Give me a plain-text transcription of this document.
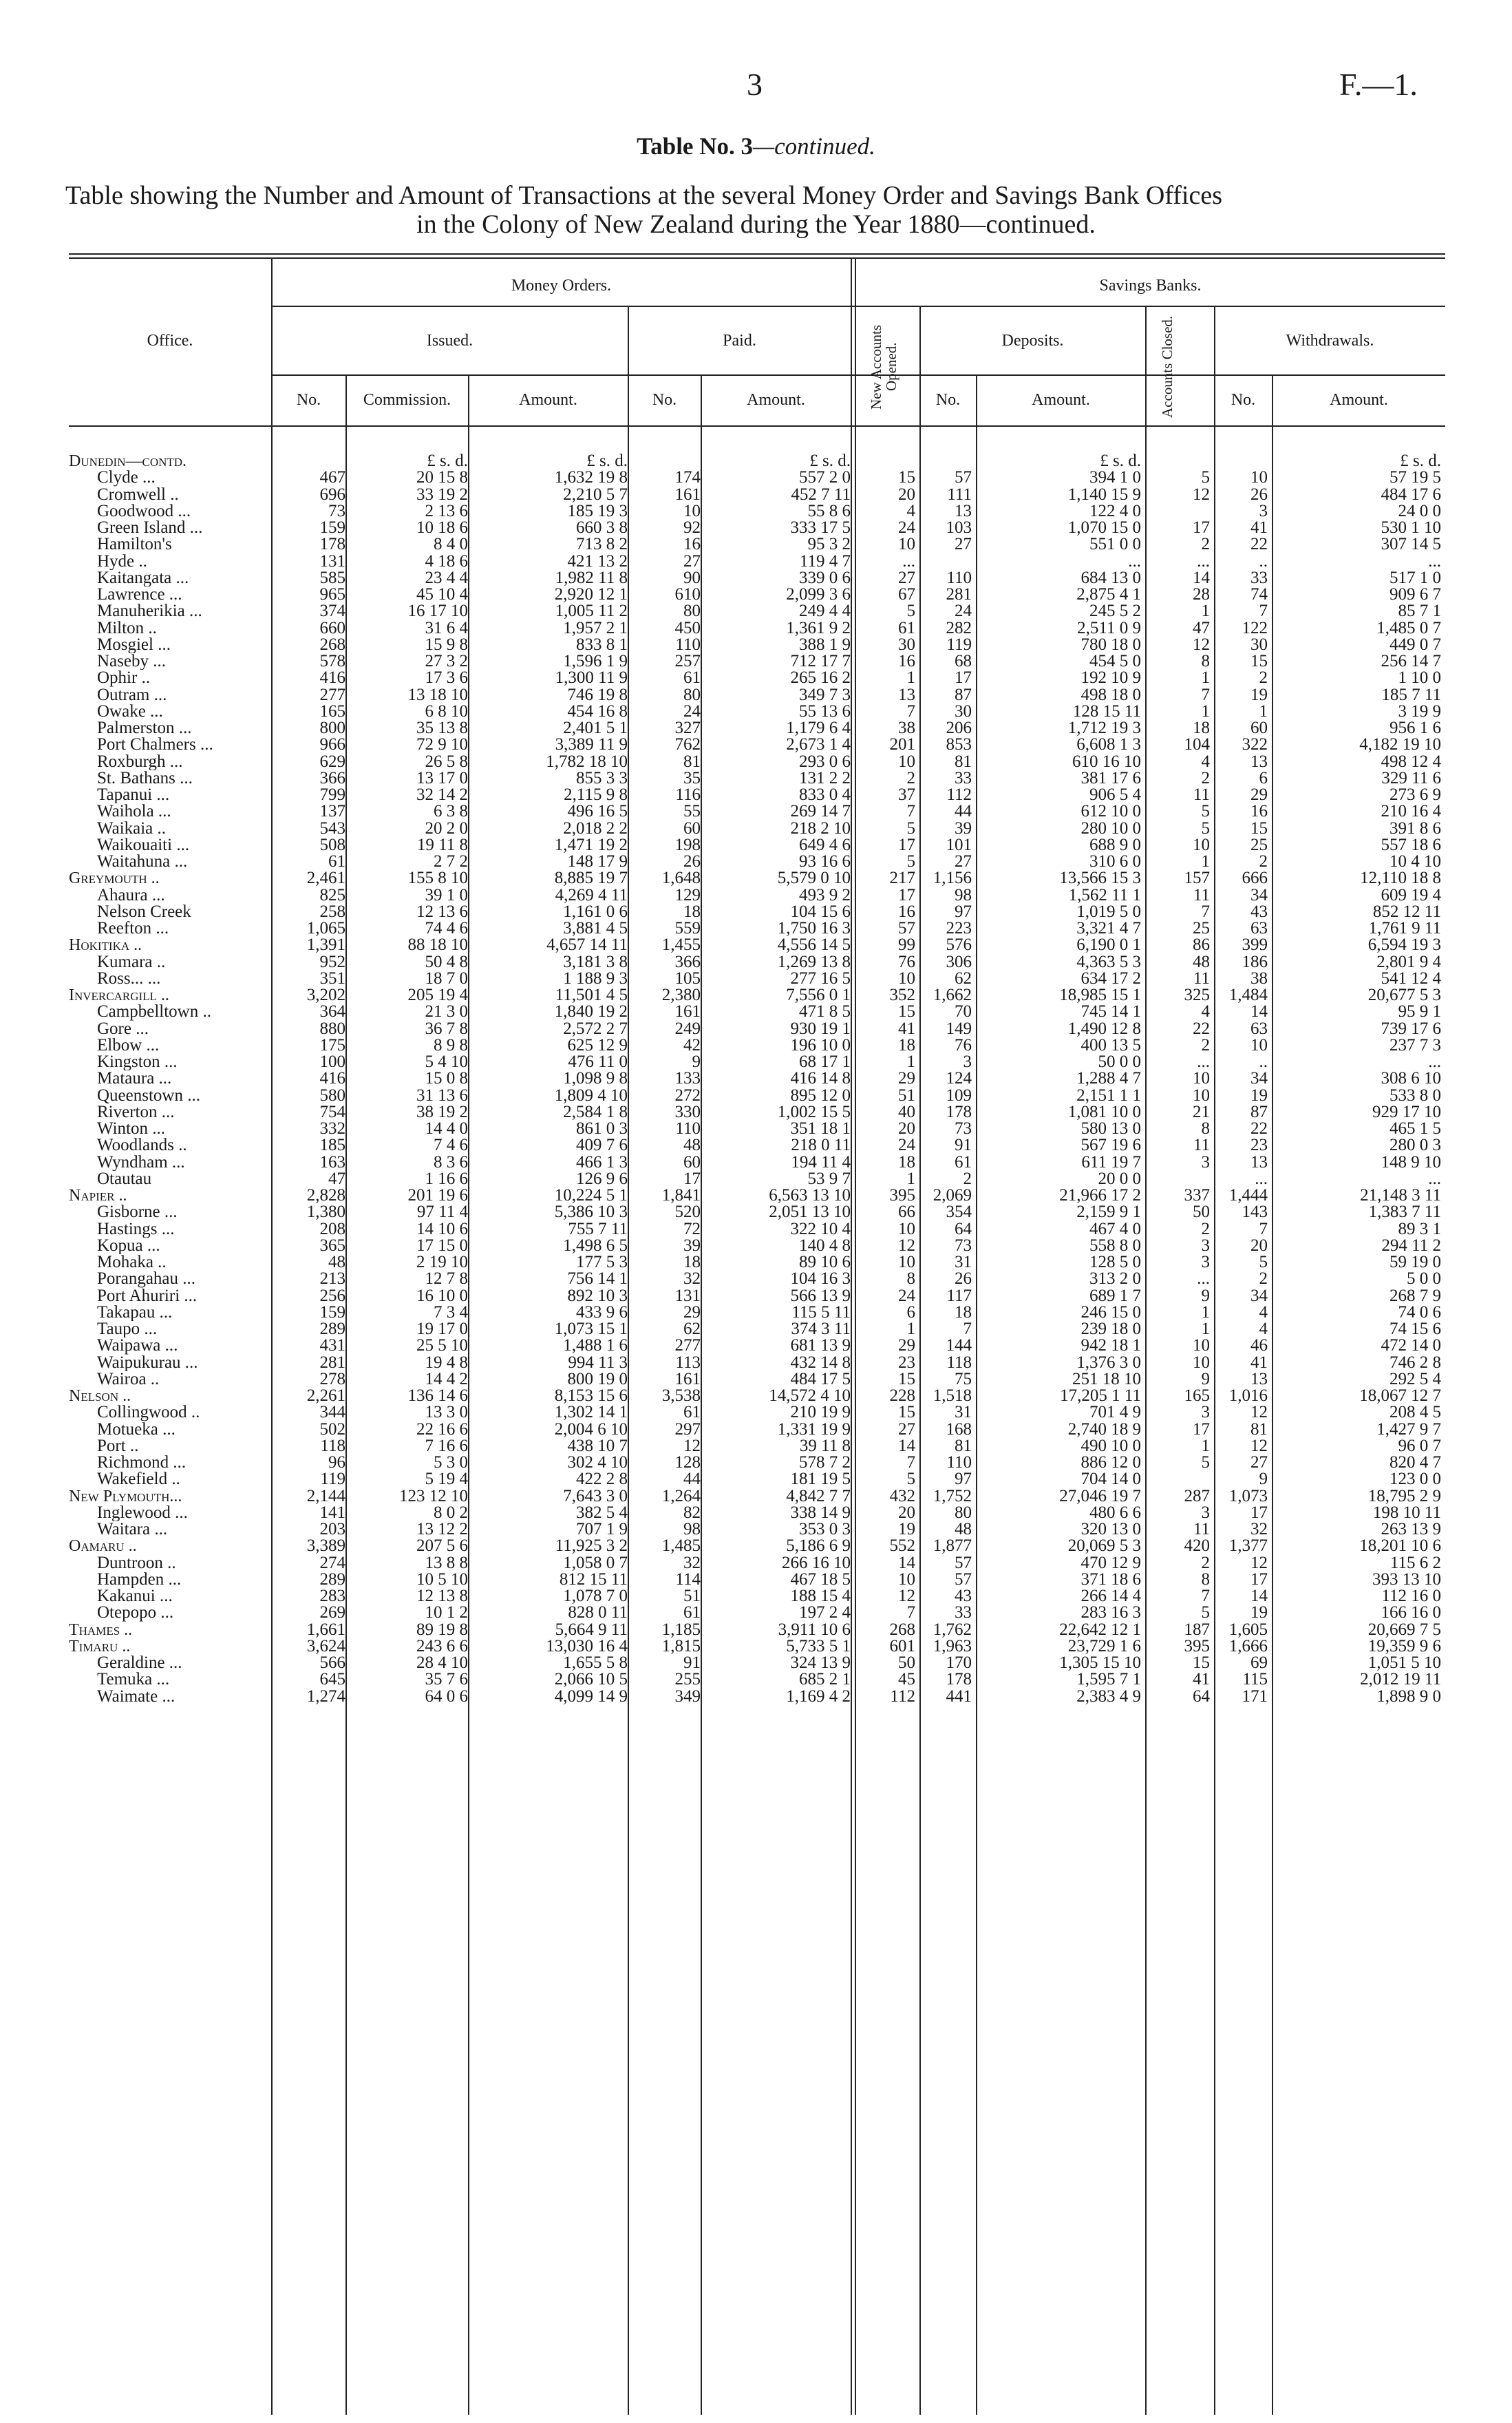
3	F.—1.
Table No. 3—continued.
Table showing the Number and Amount of Transactions at the several Money Order and Savings Bank Offices
in the Colony of New Zealand during the Year 1880—continued.
Office.
Money Orders.	Savings Banks.
Issued.	Paid.	New Accounts Opened.
Deposits.	Accounts Closed.	Withdrawals.
No.	Commission.	Amount.	No.	Amount.	No.	Amount.	No.	Amount.
Dunedin—contd.		£ s. d.	£ s. d.		£ s. d.			£ s. d.			£ s. d.
Clyde ...	467	20 15 8	1,632 19 8	174	557 2 0	15	57	394 1 0	5	10	57 19 5
Cromwell ..	696	33 19 2	2,210 5 7	161	452 7 11	20	111	1,140 15 9	12	26	484 17 6
Goodwood ...	73	2 13 6	185 19 3	10	55 8 6	4	13	122 4 0		3	24 0 0
Green Island ...	159	10 18 6	660 3 8	92	333 17 5	24	103	1,070 15 0	17	41	530 1 10
Hamilton's	178	8 4 0	713 8 2	16	95 3 2	10	27	551 0 0	2	22	307 14 5
Hyde ..	131	4 18 6	421 13 2	27	119 4 7	...		...	...	..	...
Kaitangata ...	585	23 4 4	1,982 11 8	90	339 0 6	27	110	684 13 0	14	33	517 1 0
Lawrence ...	965	45 10 4	2,920 12 1	610	2,099 3 6	67	281	2,875 4 1	28	74	909 6 7
Manuherikia ...	374	16 17 10	1,005 11 2	80	249 4 4	5	24	245 5 2	1	7	85 7 1
Milton ..	660	31 6 4	1,957 2 1	450	1,361 9 2	61	282	2,511 0 9	47	122	1,485 0 7
Mosgiel ...	268	15 9 8	833 8 1	110	388 1 9	30	119	780 18 0	12	30	449 0 7
Naseby ...	578	27 3 2	1,596 1 9	257	712 17 7	16	68	454 5 0	8	15	256 14 7
Ophir ..	416	17 3 6	1,300 11 9	61	265 16 2	1	17	192 10 9	1	2	1 10 0
Outram ...	277	13 18 10	746 19 8	80	349 7 3	13	87	498 18 0	7	19	185 7 11
Owake ...	165	6 8 10	454 16 8	24	55 13 6	7	30	128 15 11	1	1	3 19 9
Palmerston ...	800	35 13 8	2,401 5 1	327	1,179 6 4	38	206	1,712 19 3	18	60	956 1 6
Port Chalmers ...	966	72 9 10	3,389 11 9	762	2,673 1 4	201	853	6,608 1 3	104	322	4,182 19 10
Roxburgh ...	629	26 5 8	1,782 18 10	81	293 0 6	10	81	610 16 10	4	13	498 12 4
St. Bathans ...	366	13 17 0	855 3 3	35	131 2 2	2	33	381 17 6	2	6	329 11 6
Tapanui ...	799	32 14 2	2,115 9 8	116	833 0 4	37	112	906 5 4	11	29	273 6 9
Waihola ...	137	6 3 8	496 16 5	55	269 14 7	7	44	612 10 0	5	16	210 16 4
Waikaia ..	543	20 2 0	2,018 2 2	60	218 2 10	5	39	280 10 0	5	15	391 8 6
Waikouaiti ...	508	19 11 8	1,471 19 2	198	649 4 6	17	101	688 9 0	10	25	557 18 6
Waitahuna ...	61	2 7 2	148 17 9	26	93 16 6	5	27	310 6 0	1	2	10 4 10
Greymouth ..	2,461	155 8 10	8,885 19 7	1,648	5,579 0 10	217	1,156	13,566 15 3	157	666	12,110 18 8
Ahaura ...	825	39 1 0	4,269 4 11	129	493 9 2	17	98	1,562 11 1	11	34	609 19 4
Nelson Creek	258	12 13 6	1,161 0 6	18	104 15 6	16	97	1,019 5 0	7	43	852 12 11
Reefton ...	1,065	74 4 6	3,881 4 5	559	1,750 16 3	57	223	3,321 4 7	25	63	1,761 9 11
Hokitika ..	1,391	88 18 10	4,657 14 11	1,455	4,556 14 5	99	576	6,190 0 1	86	399	6,594 19 3
Kumara ..	952	50 4 8	3,181 3 8	366	1,269 13 8	76	306	4,363 5 3	48	186	2,801 9 4
Ross... ...	351	18 7 0	1 188 9 3	105	277 16 5	10	62	634 17 2	11	38	541 12 4
Invercargill ..	3,202	205 19 4	11,501 4 5	2,380	7,556 0 1	352	1,662	18,985 15 1	325	1,484	20,677 5 3
Campbelltown ..	364	21 3 0	1,840 19 2	161	471 8 5	15	70	745 14 1	4	14	95 9 1
Gore ...	880	36 7 8	2,572 2 7	249	930 19 1	41	149	1,490 12 8	22	63	739 17 6
Elbow ...	175	8 9 8	625 12 9	42	196 10 0	18	76	400 13 5	2	10	237 7 3
Kingston ...	100	5 4 10	476 11 0	9	68 17 1	1	3	50 0 0	...	..	...
Mataura ...	416	15 0 8	1,098 9 8	133	416 14 8	29	124	1,288 4 7	10	34	308 6 10
Queenstown ...	580	31 13 6	1,809 4 10	272	895 12 0	51	109	2,151 1 1	10	19	533 8 0
Riverton ...	754	38 19 2	2,584 1 8	330	1,002 15 5	40	178	1,081 10 0	21	87	929 17 10
Winton ...	332	14 4 0	861 0 3	110	351 18 1	20	73	580 13 0	8	22	465 1 5
Woodlands ..	185	7 4 6	409 7 6	48	218 0 11	24	91	567 19 6	11	23	280 0 3
Wyndham ...	163	8 3 6	466 1 3	60	194 11 4	18	61	611 19 7	3	13	148 9 10
Otautau	47	1 16 6	126 9 6	17	53 9 7	1	2	20 0 0		...	...
Napier ..	2,828	201 19 6	10,224 5 1	1,841	6,563 13 10	395	2,069	21,966 17 2	337	1,444	21,148 3 11
Gisborne ...	1,380	97 11 4	5,386 10 3	520	2,051 13 10	66	354	2,159 9 1	50	143	1,383 7 11
Hastings ...	208	14 10 6	755 7 11	72	322 10 4	10	64	467 4 0	2	7	89 3 1
Kopua ...	365	17 15 0	1,498 6 5	39	140 4 8	12	73	558 8 0	3	20	294 11 2
Mohaka ..	48	2 19 10	177 5 3	18	89 10 6	10	31	128 5 0	3	5	59 19 0
Porangahau ...	213	12 7 8	756 14 1	32	104 16 3	8	26	313 2 0	...	2	5 0 0
Port Ahuriri ...	256	16 10 0	892 10 3	131	566 13 9	24	117	689 1 7	9	34	268 7 9
Takapau ...	159	7 3 4	433 9 6	29	115 5 11	6	18	246 15 0	1	4	74 0 6
Taupo ...	289	19 17 0	1,073 15 1	62	374 3 11	1	7	239 18 0	1	4	74 15 6
Waipawa ...	431	25 5 10	1,488 1 6	277	681 13 9	29	144	942 18 1	10	46	472 14 0
Waipukurau ...	281	19 4 8	994 11 3	113	432 14 8	23	118	1,376 3 0	10	41	746 2 8
Wairoa ..	278	14 4 2	800 19 0	161	484 17 5	15	75	251 18 10	9	13	292 5 4
Nelson ..	2,261	136 14 6	8,153 15 6	3,538	14,572 4 10	228	1,518	17,205 1 11	165	1,016	18,067 12 7
Collingwood ..	344	13 3 0	1,302 14 1	61	210 19 9	15	31	701 4 9	3	12	208 4 5
Motueka ...	502	22 16 6	2,004 6 10	297	1,331 19 9	27	168	2,740 18 9	17	81	1,427 9 7
Port ..	118	7 16 6	438 10 7	12	39 11 8	14	81	490 10 0	1	12	96 0 7
Richmond ...	96	5 3 0	302 4 10	128	578 7 2	7	110	886 12 0	5	27	820 4 7
Wakefield ..	119	5 19 4	422 2 8	44	181 19 5	5	97	704 14 0		9	123 0 0
New Plymouth...	2,144	123 12 10	7,643 3 0	1,264	4,842 7 7	432	1,752	27,046 19 7	287	1,073	18,795 2 9
Inglewood ...	141	8 0 2	382 5 4	82	338 14 9	20	80	480 6 6	3	17	198 10 11
Waitara ...	203	13 12 2	707 1 9	98	353 0 3	19	48	320 13 0	11	32	263 13 9
Oamaru ..	3,389	207 5 6	11,925 3 2	1,485	5,186 6 9	552	1,877	20,069 5 3	420	1,377	18,201 10 6
Duntroon ..	274	13 8 8	1,058 0 7	32	266 16 10	14	57	470 12 9	2	12	115 6 2
Hampden ...	289	10 5 10	812 15 11	114	467 18 5	10	57	371 18 6	8	17	393 13 10
Kakanui ...	283	12 13 8	1,078 7 0	51	188 15 4	12	43	266 14 4	7	14	112 16 0
Otepopo ...	269	10 1 2	828 0 11	61	197 2 4	7	33	283 16 3	5	19	166 16 0
Thames ..	1,661	89 19 8	5,664 9 11	1,185	3,911 10 6	268	1,762	22,642 12 1	187	1,605	20,669 7 5
Timaru ..	3,624	243 6 6	13,030 16 4	1,815	5,733 5 1	601	1,963	23,729 1 6	395	1,666	19,359 9 6
Geraldine ...	566	28 4 10	1,655 5 8	91	324 13 9	50	170	1,305 15 10	15	69	1,051 5 10
Temuka ...	645	35 7 6	2,066 10 5	255	685 2 1	45	178	1,595 7 1	41	115	2,012 19 11
Waimate ...	1,274	64 0 6	4,099 14 9	349	1,169 4 2	112	441	2,383 4 9	64	171	1,898 9 0
